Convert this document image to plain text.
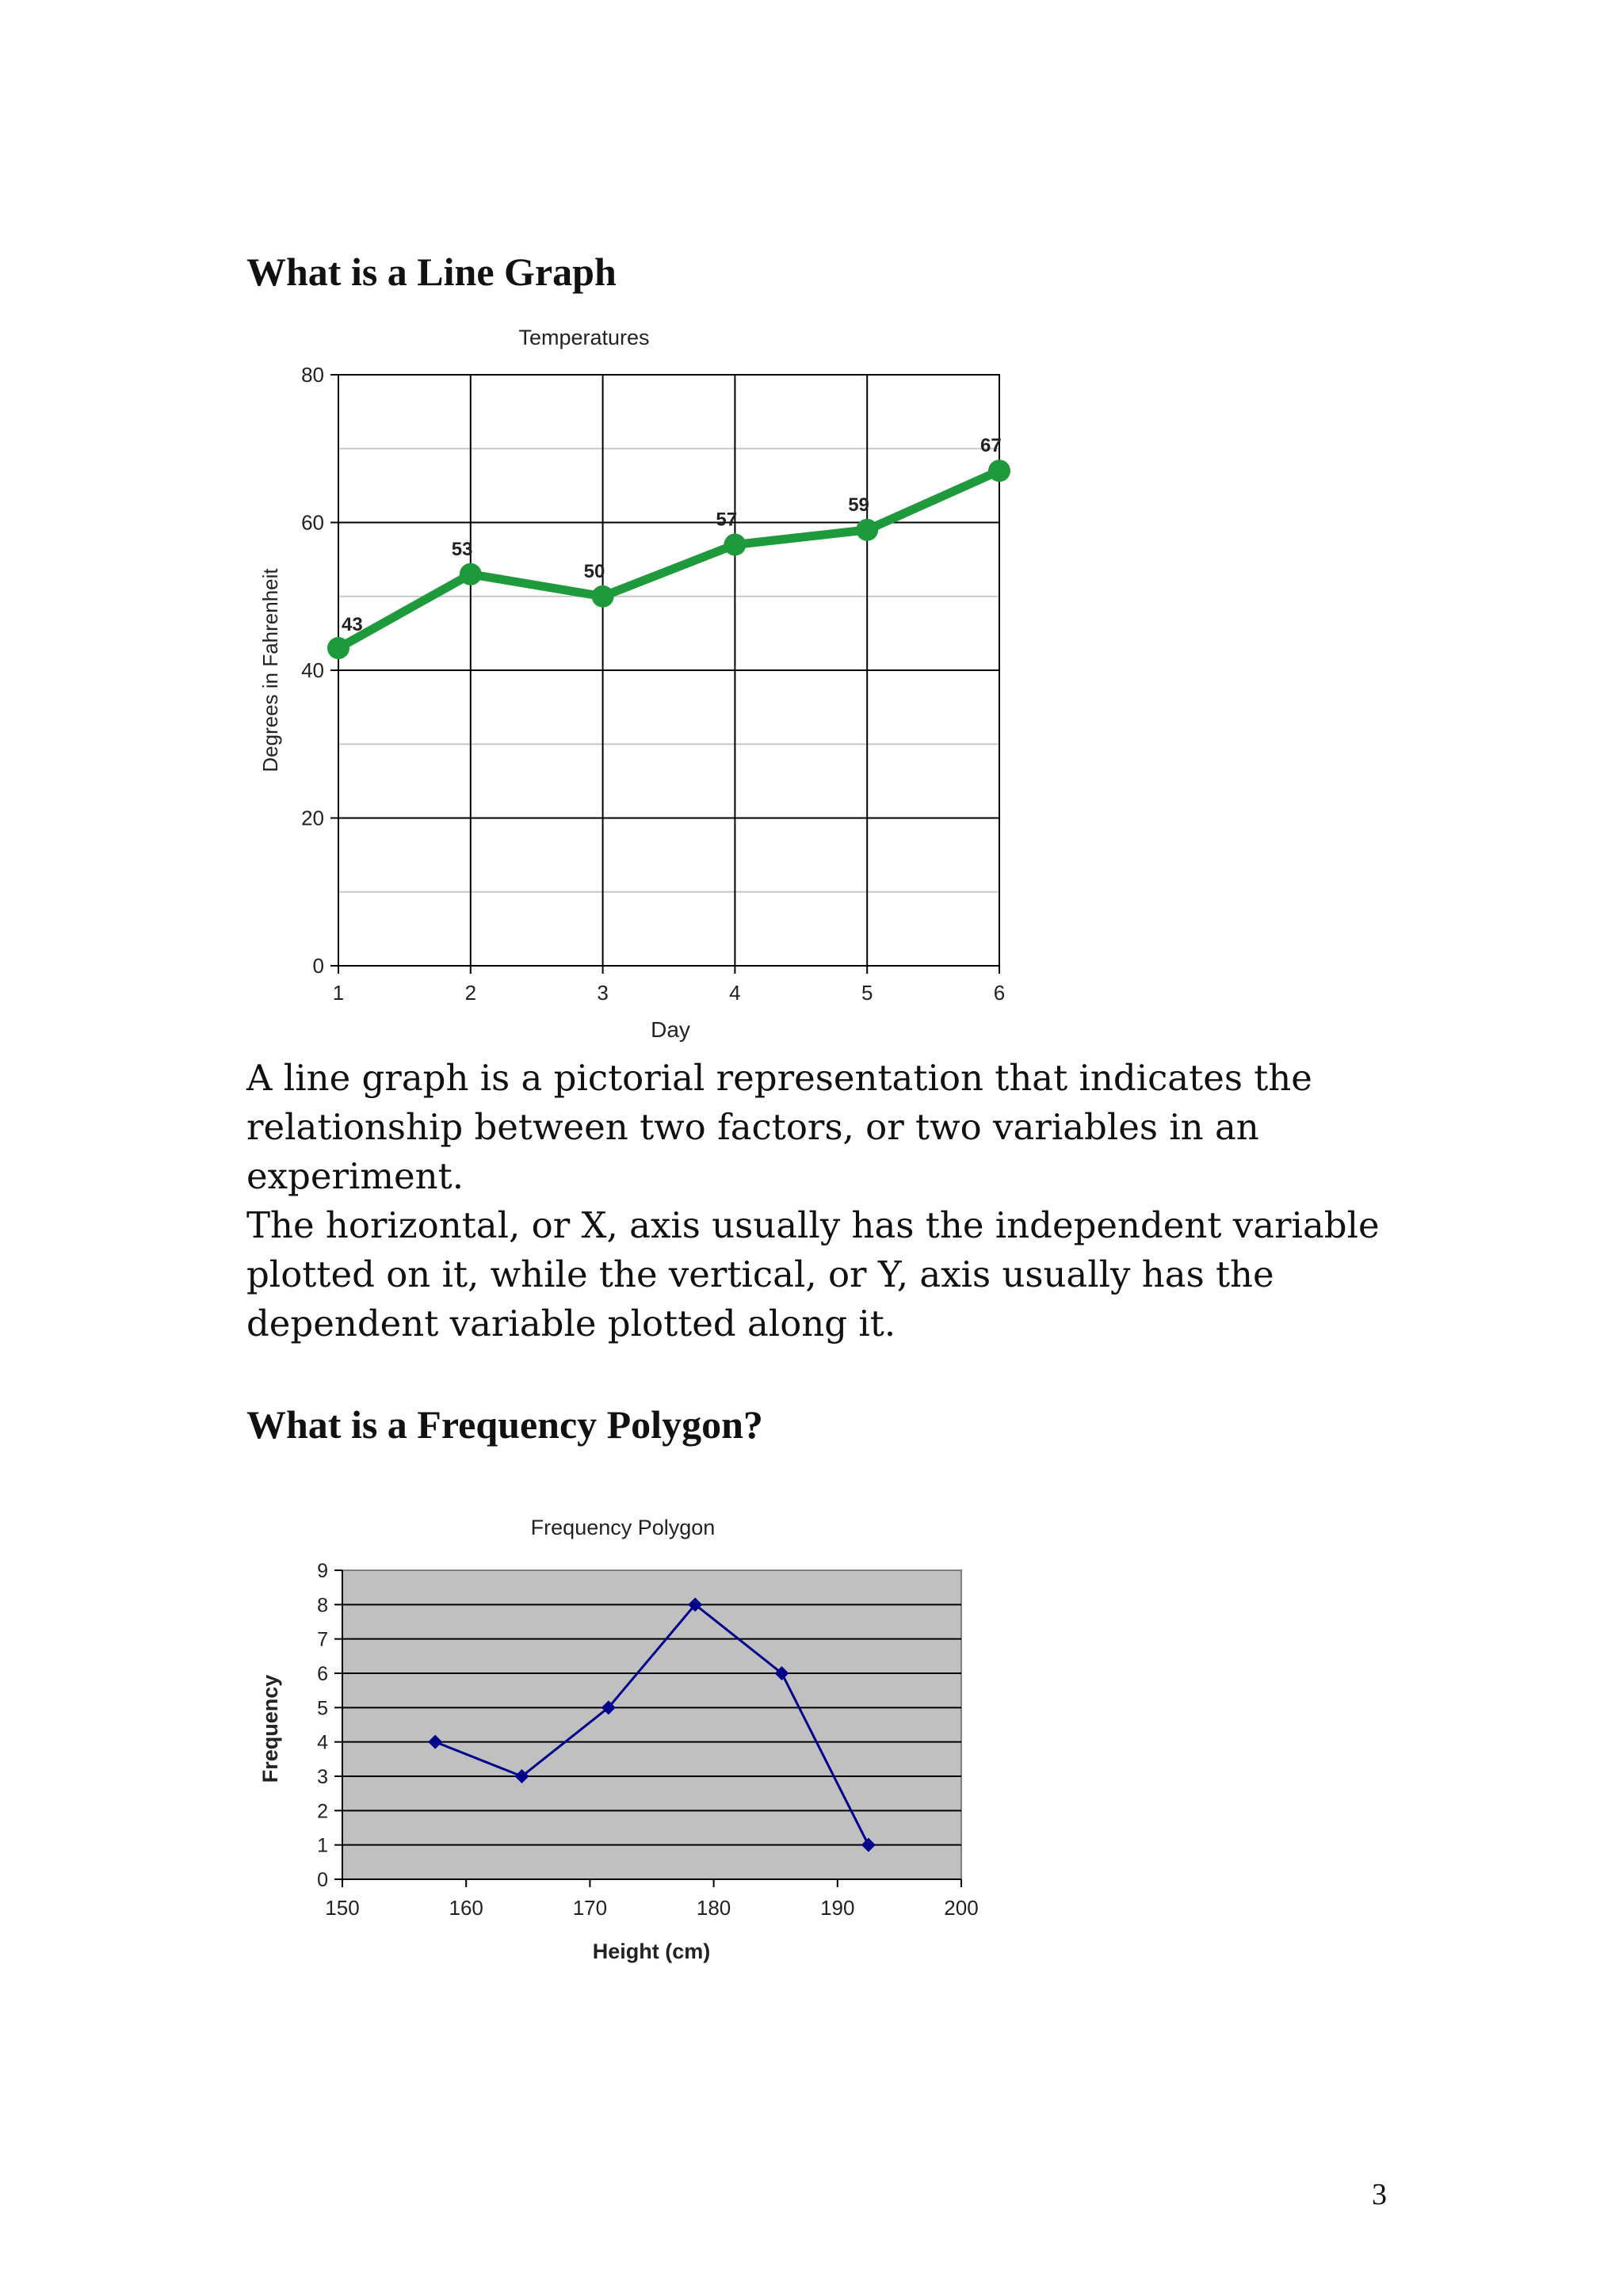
What is a Line Graph
0
20
40
60
80
1	2	3	4	5	6
43
53
50
57
59
67
Temperatures
Day
Degrees in Fahrenheit

A line graph is a pictorial representation that indicates the relationship between two factors, or two variables in an experiment.

The horizontal, or X, axis usually has the independent variable plotted on it, while the vertical, or Y, axis usually has the dependent variable plotted along it.

What is a Frequency Polygon?
0
1
2
3
4
5
6
7
8
9
150	160	170	180	190	200
Frequency Polygon
Height (cm)
Frequency
3
